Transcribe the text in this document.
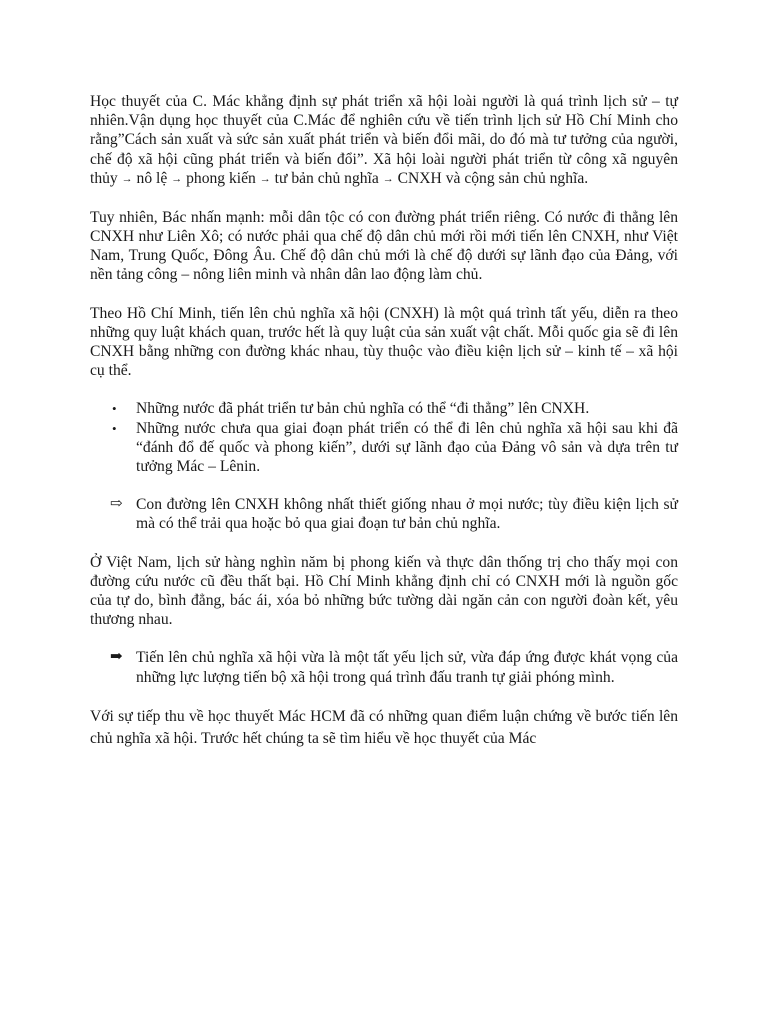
Học thuyết của C. Mác khẳng định sự phát triển xã hội loài người là quá trình lịch sử – tự nhiên.Vận dụng học thuyết của C.Mác để nghiên cứu về tiến trình lịch sử Hồ Chí Minh cho rằng”Cách sản xuất và sức sản xuất phát triển và biến đổi mãi, do đó mà tư tưởng của người, chế độ xã hội cũng phát triển và biến đổi”. Xã hội loài người phát triển từ công xã nguyên thủy → nô lệ → phong kiến → tư bản chủ nghĩa → CNXH và cộng sản chủ nghĩa.

Tuy nhiên, Bác nhấn mạnh: mỗi dân tộc có con đường phát triển riêng. Có nước đi thẳng lên CNXH như Liên Xô; có nước phải qua chế độ dân chủ mới rồi mới tiến lên CNXH, như Việt Nam, Trung Quốc, Đông Âu. Chế độ dân chủ mới là chế độ dưới sự lãnh đạo của Đảng, với nền tảng công – nông liên minh và nhân dân lao động làm chủ.

Theo Hồ Chí Minh, tiến lên chủ nghĩa xã hội (CNXH) là một quá trình tất yếu, diễn ra theo những quy luật khách quan, trước hết là quy luật của sản xuất vật chất. Mỗi quốc gia sẽ đi lên CNXH bằng những con đường khác nhau, tùy thuộc vào điều kiện lịch sử – kinh tế – xã hội cụ thể.

• Những nước đã phát triển tư bản chủ nghĩa có thể “đi thẳng” lên CNXH.
• Những nước chưa qua giai đoạn phát triển có thể đi lên chủ nghĩa xã hội sau khi đã “đánh đổ đế quốc và phong kiến”, dưới sự lãnh đạo của Đảng vô sản và dựa trên tư tưởng Mác – Lênin.
⇨ Con đường lên CNXH không nhất thiết giống nhau ở mọi nước; tùy điều kiện lịch sử mà có thể trải qua hoặc bỏ qua giai đoạn tư bản chủ nghĩa.

Ở Việt Nam, lịch sử hàng nghìn năm bị phong kiến và thực dân thống trị cho thấy mọi con đường cứu nước cũ đều thất bại. Hồ Chí Minh khẳng định chỉ có CNXH mới là nguồn gốc của tự do, bình đẳng, bác ái, xóa bỏ những bức tường dài ngăn cản con người đoàn kết, yêu thương nhau.

➡ Tiến lên chủ nghĩa xã hội vừa là một tất yếu lịch sử, vừa đáp ứng được khát vọng của những lực lượng tiến bộ xã hội trong quá trình đấu tranh tự giải phóng mình.

Với sự tiếp thu về học thuyết Mác HCM đã có những quan điểm luận chứng về bước tiến lên chủ nghĩa xã hội. Trước hết chúng ta sẽ tìm hiểu về học thuyết của Mác
